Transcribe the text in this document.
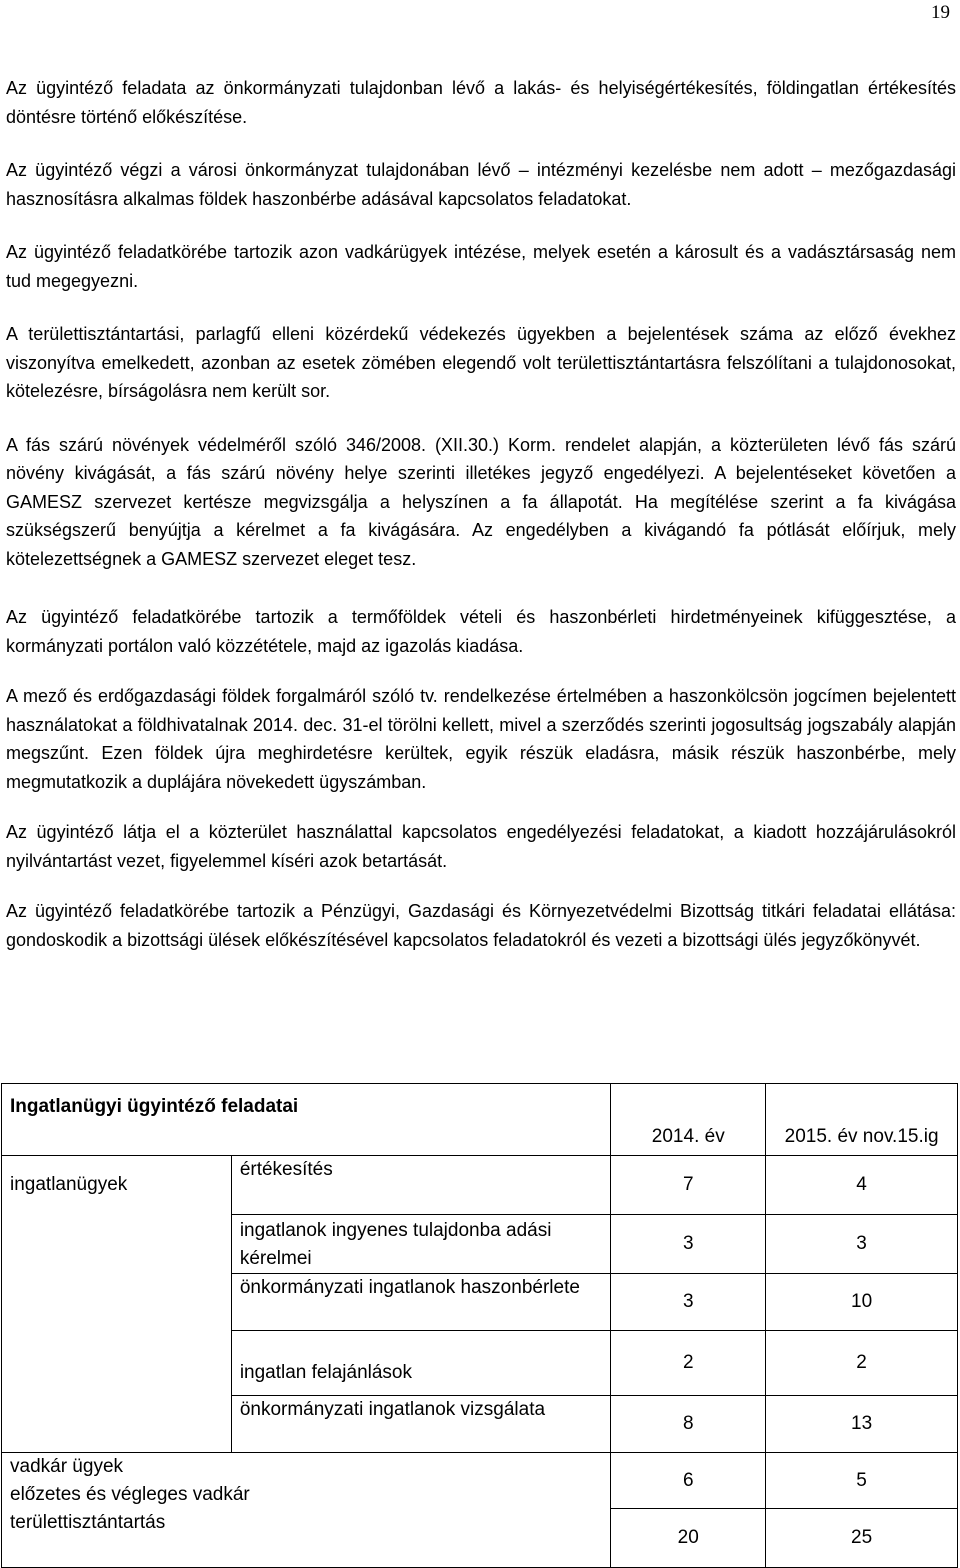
19

Az ügyintéző feladata az önkormányzati tulajdonban lévő a lakás- és helyiségértékesítés, földingatlan értékesítés döntésre történő előkészítése.

Az ügyintéző végzi a városi önkormányzat tulajdonában lévő – intézményi kezelésbe nem adott – mezőgazdasági hasznosításra alkalmas földek haszonbérbe adásával kapcsolatos feladatokat.

Az ügyintéző feladatkörébe tartozik azon vadkárügyek intézése, melyek esetén a károsult és a vadásztársaság nem tud megegyezni.

A területtisztántartási, parlagfű elleni közérdekű védekezés ügyekben a bejelentések száma az előző évekhez viszonyítva emelkedett, azonban az esetek zömében elegendő volt területtisztántartásra felszólítani a tulajdonosokat, kötelezésre, bírságolásra nem került sor.

A fás szárú növények védelméről szóló 346/2008. (XII.30.) Korm. rendelet alapján, a közterületen lévő fás szárú növény kivágását, a fás szárú növény helye szerinti illetékes jegyző engedélyezi. A bejelentéseket követően a GAMESZ szervezet kertésze megvizsgálja a helyszínen a fa állapotát. Ha megítélése szerint a fa kivágása szükségszerű benyújtja a kérelmet a fa kivágására. Az engedélyben a kivágandó fa pótlását előírjuk, mely kötelezettségnek a GAMESZ szervezet eleget tesz.

Az ügyintéző feladatkörébe tartozik a termőföldek vételi és haszonbérleti hirdetményeinek kifüggesztése, a kormányzati portálon való közzététele, majd az igazolás kiadása.

A mező és erdőgazdasági földek forgalmáról szóló tv. rendelkezése értelmében a haszonkölcsön jogcímen bejelentett használatokat a földhivatalnak 2014. dec. 31-el törölni kellett, mivel a szerződés szerinti jogosultság jogszabály alapján megszűnt. Ezen földek újra meghirdetésre kerültek, egyik részük eladásra, másik részük haszonbérbe, mely megmutatkozik a duplájára növekedett ügyszámban.

Az ügyintéző látja el a közterület használattal kapcsolatos engedélyezési feladatokat, a kiadott hozzájárulásokról nyilvántartást vezet, figyelemmel kíséri azok betartását.

Az ügyintéző feladatkörébe tartozik a Pénzügyi, Gazdasági és Környezetvédelmi Bizottság titkári feladatai ellátása: gondoskodik a bizottsági ülések előkészítésével kapcsolatos feladatokról és vezeti a bizottsági ülés jegyzőkönyvét.

Ingatlanügyi ügyintéző feladatai		2014. év	2015. év nov.15.ig
ingatlanügyek	értékesítés	7	4
	ingatlanok ingyenes tulajdonba adási kérelmei	3	3
	önkormányzati ingatlanok haszonbérlete	3	10
	ingatlan felajánlások	2	2
	önkormányzati ingatlanok vizsgálata	8	13

vadkár ügyek
előzetes és végleges vadkár
területtisztántartás		6	5
		20	25
